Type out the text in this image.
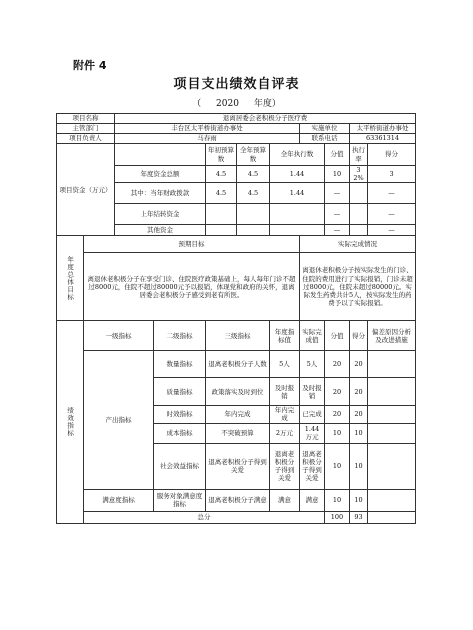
附件 4
项目支出绩效自评表
（ 2020 年度）
项目名称		退离居委会老积极分子医疗费								
主管部门		丰台区太平桥街道办事处					实施单位		太平桥街道办事处	
项目负责人		马春雨					联系电话		63361314	
项目资金（万元）				年初预算数	全年预算数	全年执行数		分值	执行率	得分
		年度资金总额		4.5	4.5	1.44		10	32%	3
		其中：当年财政拨款		4.5	4.5	1.44		—		—
		上年结转资金						—		—
		其他资金						—		—
年度总体目标	预期目标						实际完成情况			
	离退休老积极分子在享受门诊、住院医疗政策基础上，每人每年门诊不超过8000元，住院不超过80000元予以报销，体现党和政府的关怀，退离居委会老积极分子感受到老有所医。						离退休老积极分子按实际发生的门诊、住院的费用进行了实际报销，门诊未超过8000元，住院未超过80000元。实际发生药费共计5人，按实际发生的药费予以了实际报销。			
绩效指标	一级指标		二级指标	三级指标		年度指标值	实际完成值	分值	得分	偏差原因分析及改进措施
	产出指标		数量指标	退离老积极分子人数		5人	5人	20	20	
			质量指标	政策落实及时到位		及时报销	及时报销	20	20	
			时效指标	年内完成		年内完成	已完成	20	20	
			成本指标	不突破预算		2万元	1.44万元	10	10	
			社会效益指标	退离老积极分子得到关爱		退离老积极分子得到关爱	退离老积极分子得到关爱	10	10	
	满意度指标		服务对象满意度指标	退离老积极分子满意		满意	满意	10	10	
	总分							100	93	
